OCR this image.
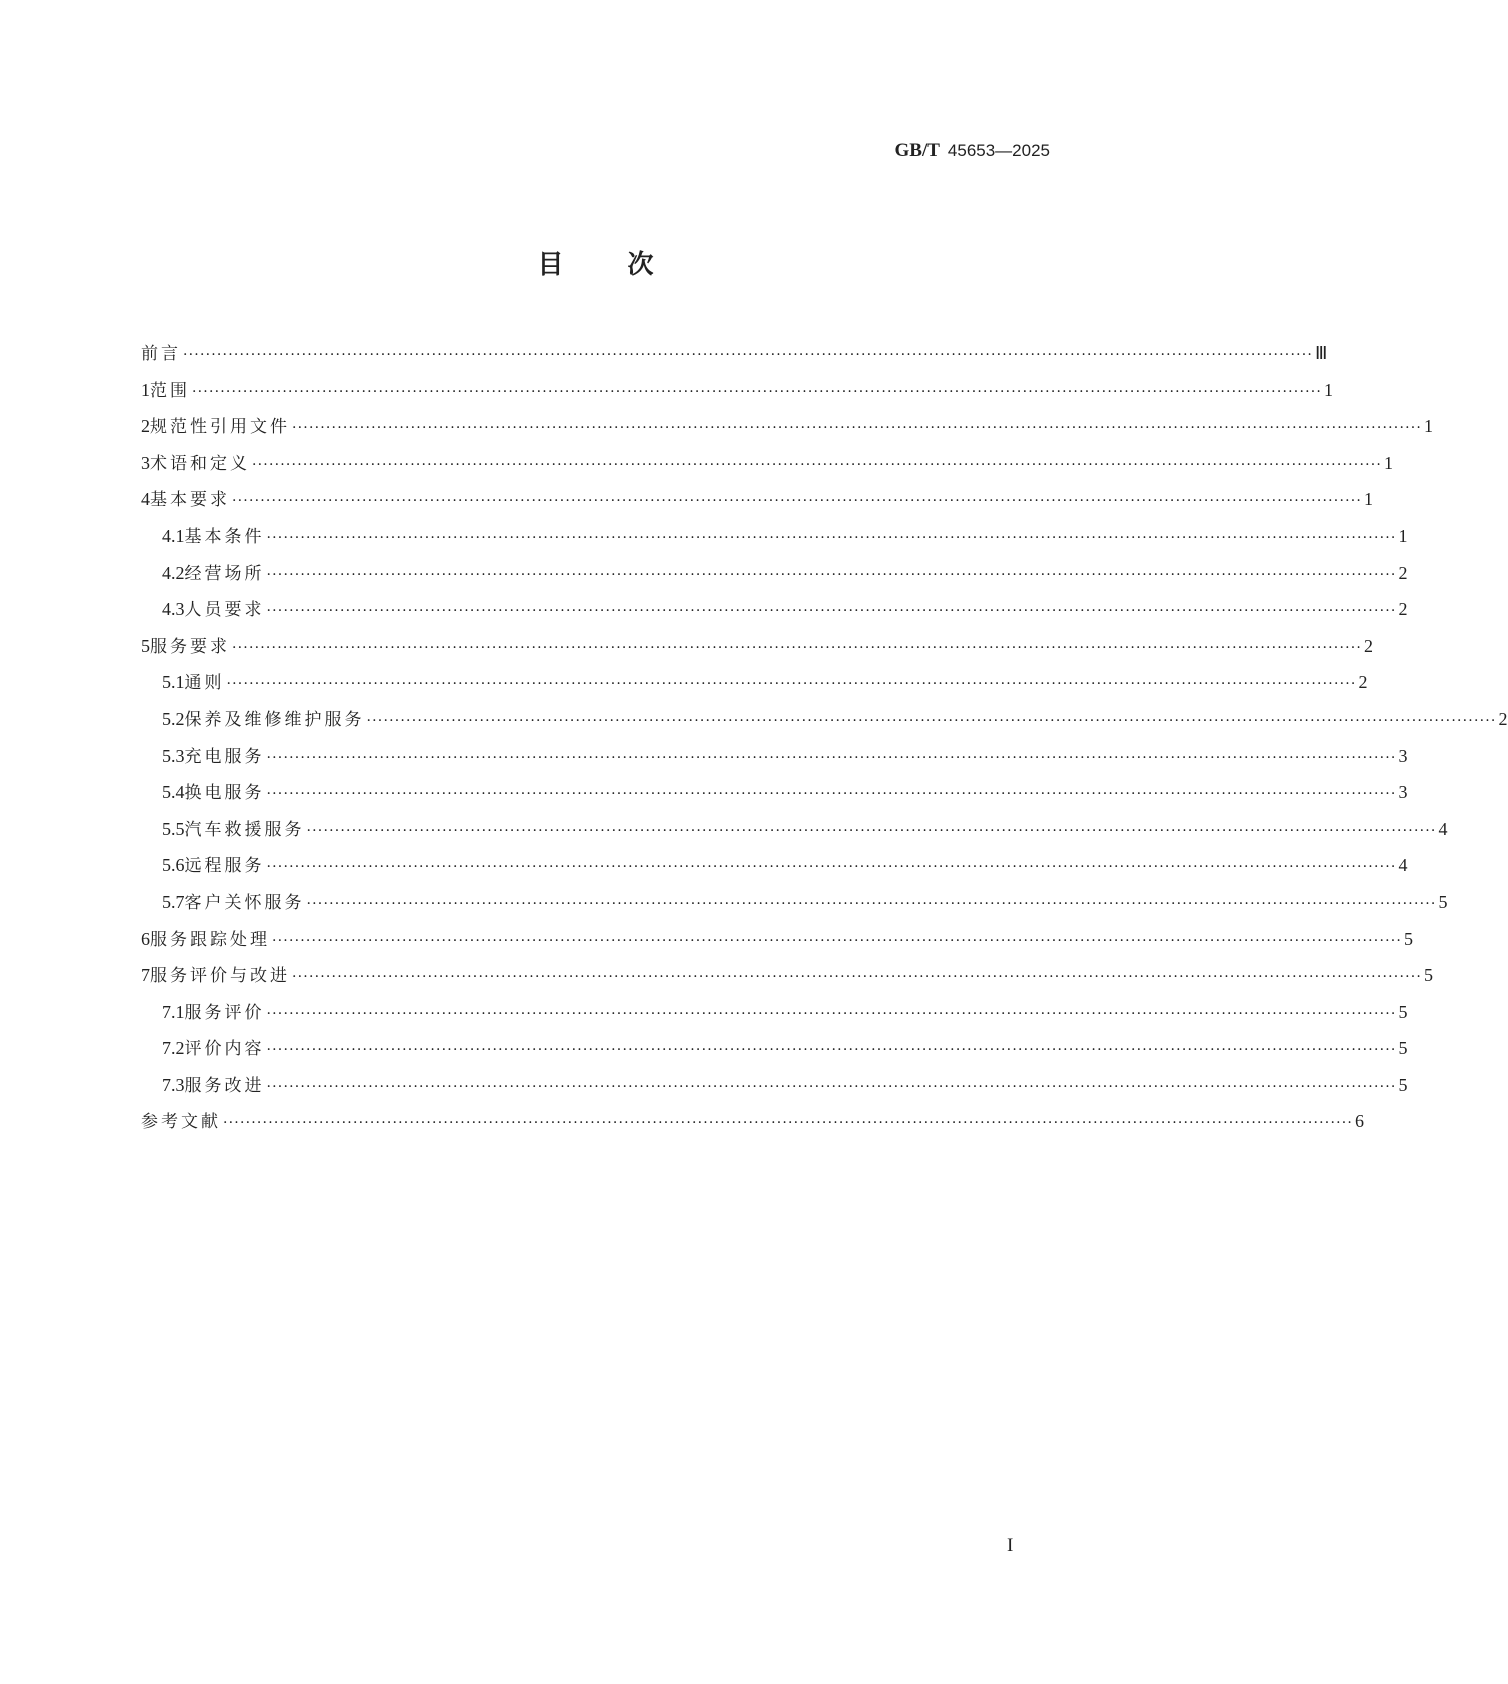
GB/T 45653—2025
目 次
前言 ········································································································································································································ Ⅲ
1 范围 ········································································································································································································ 1
2 规范性引用文件 ········································································································································································································ 1
3 术语和定义 ········································································································································································································ 1
4 基本要求 ········································································································································································································ 1
4.1 基本条件 ········································································································································································································ 1
4.2 经营场所 ········································································································································································································ 2
4.3 人员要求 ········································································································································································································ 2
5 服务要求 ········································································································································································································ 2
5.1 通则 ········································································································································································································ 2
5.2 保养及维修维护服务 ········································································································································································································ 2
5.3 充电服务 ········································································································································································································ 3
5.4 换电服务 ········································································································································································································ 3
5.5 汽车救援服务 ········································································································································································································ 4
5.6 远程服务 ········································································································································································································ 4
5.7 客户关怀服务 ········································································································································································································ 5
6 服务跟踪处理 ········································································································································································································ 5
7 服务评价与改进 ········································································································································································································ 5
7.1 服务评价 ········································································································································································································ 5
7.2 评价内容 ········································································································································································································ 5
7.3 服务改进 ········································································································································································································ 5
参考文献 ········································································································································································································ 6
I
